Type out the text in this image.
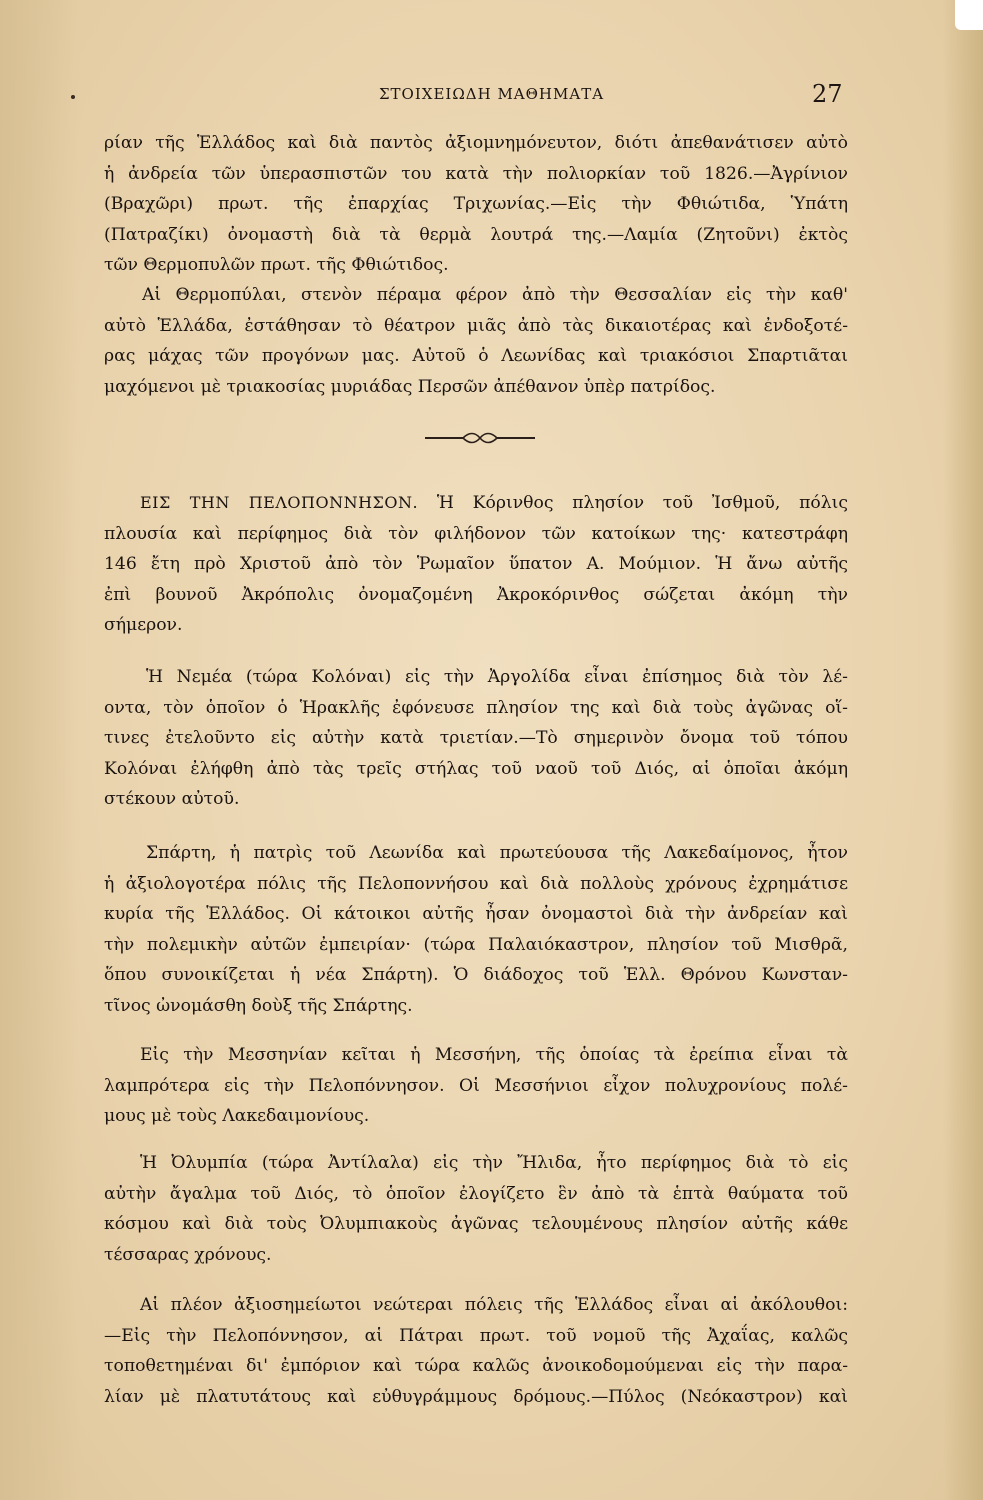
ΣΤΟΙΧΕΙΩΔΗ ΜΑΘΗΜΑΤΑ	27
ρίαν τῆς Ἑλλάδος καὶ διὰ παντὸς ἀξιομνημόνευτον, διότι ἀπεθανάτισεν αὐτὸ
ἡ ἀνδρεία τῶν ὑπερασπιστῶν του κατὰ τὴν πολιορκίαν τοῦ 1826.—Ἀγρίνιον
(Βραχῶρι) πρωτ. τῆς ἐπαρχίας Τριχωνίας.—Εἰς τὴν Φθιώτιδα, Ὑπάτη
(Πατραζίκι) ὀνομαστὴ διὰ τὰ θερμὰ λουτρά της.—Λαμία (Ζητοῦνι) ἐκτὸς
τῶν Θερμοπυλῶν πρωτ. τῆς Φθιώτιδος.
Αἱ Θερμοπύλαι, στενὸν πέραμα φέρον ἀπὸ τὴν Θεσσαλίαν εἰς τὴν καθ'
αὐτὸ Ἑλλάδα, ἐστάθησαν τὸ θέατρον μιᾶς ἀπὸ τὰς δικαιοτέρας καὶ ἐνδοξοτέ-
ρας μάχας τῶν προγόνων μας. Αὐτοῦ ὁ Λεωνίδας καὶ τριακόσιοι Σπαρτιᾶται
μαχόμενοι μὲ τριακοσίας μυριάδας Περσῶν ἀπέθανον ὑπὲρ πατρίδος.
ΕΙΣ ΤΗΝ ΠΕΛΟΠΟΝΝΗΣΟΝ. Ἡ Κόρινθος πλησίον τοῦ Ἰσθμοῦ, πόλις
πλουσία καὶ περίφημος διὰ τὸν φιλήδονον τῶν κατοίκων της· κατεστράφη
146 ἔτη πρὸ Χριστοῦ ἀπὸ τὸν Ῥωμαῖον ὕπατον Α. Μούμιον. Ἡ ἄνω αὐτῆς
ἐπὶ βουνοῦ Ἀκρόπολις ὀνομαζομένη Ἀκροκόρινθος σώζεται ἀκόμη τὴν
σήμερον.
Ἡ Νεμέα (τώρα Κολόναι) εἰς τὴν Ἀργολίδα εἶναι ἐπίσημος διὰ τὸν λέ-
οντα, τὸν ὁποῖον ὁ Ἡρακλῆς ἐφόνευσε πλησίον της καὶ διὰ τοὺς ἀγῶνας οἵ-
τινες ἐτελοῦντο εἰς αὐτὴν κατὰ τριετίαν.—Τὸ σημερινὸν ὄνομα τοῦ τόπου
Κολόναι ἐλήφθη ἀπὸ τὰς τρεῖς στήλας τοῦ ναοῦ τοῦ Διός, αἱ ὁποῖαι ἀκόμη
στέκουν αὐτοῦ.
Σπάρτη, ἡ πατρὶς τοῦ Λεωνίδα καὶ πρωτεύουσα τῆς Λακεδαίμονος, ἦτον
ἡ ἀξιολογοτέρα πόλις τῆς Πελοποννήσου καὶ διὰ πολλοὺς χρόνους ἐχρημάτισε
κυρία τῆς Ἑλλάδος. Οἱ κάτοικοι αὐτῆς ἦσαν ὀνομαστοὶ διὰ τὴν ἀνδρείαν καὶ
τὴν πολεμικὴν αὐτῶν ἐμπειρίαν· (τώρα Παλαιόκαστρον, πλησίον τοῦ Μισθρᾶ,
ὅπου συνοικίζεται ἡ νέα Σπάρτη). Ὁ διάδοχος τοῦ Ἑλλ. Θρόνου Κωνσταν-
τῖνος ὠνομάσθη δοὺξ τῆς Σπάρτης.
Εἰς τὴν Μεσσηνίαν κεῖται ἡ Μεσσήνη, τῆς ὁποίας τὰ ἐρείπια εἶναι τὰ
λαμπρότερα εἰς τὴν Πελοπόννησον. Οἱ Μεσσήνιοι εἶχον πολυχρονίους πολέ-
μους μὲ τοὺς Λακεδαιμονίους.
Ἡ Ὀλυμπία (τώρα Ἀντίλαλα) εἰς τὴν Ἤλιδα, ἦτο περίφημος διὰ τὸ εἰς
αὐτὴν ἄγαλμα τοῦ Διός, τὸ ὁποῖον ἐλογίζετο ἓν ἀπὸ τὰ ἑπτὰ θαύματα τοῦ
κόσμου καὶ διὰ τοὺς Ὀλυμπιακοὺς ἀγῶνας τελουμένους πλησίον αὐτῆς κάθε
τέσσαρας χρόνους.
Αἱ πλέον ἀξιοσημείωτοι νεώτεραι πόλεις τῆς Ἑλλάδος εἶναι αἱ ἀκόλουθοι:
—Εἰς τὴν Πελοπόννησον, αἱ Πάτραι πρωτ. τοῦ νομοῦ τῆς Ἀχαΐας, καλῶς
τοποθετημέναι δι' ἐμπόριον καὶ τώρα καλῶς ἀνοικοδομούμεναι εἰς τὴν παρα-
λίαν μὲ πλατυτάτους καὶ εὐθυγράμμους δρόμους.—Πύλος (Νεόκαστρον) καὶ
